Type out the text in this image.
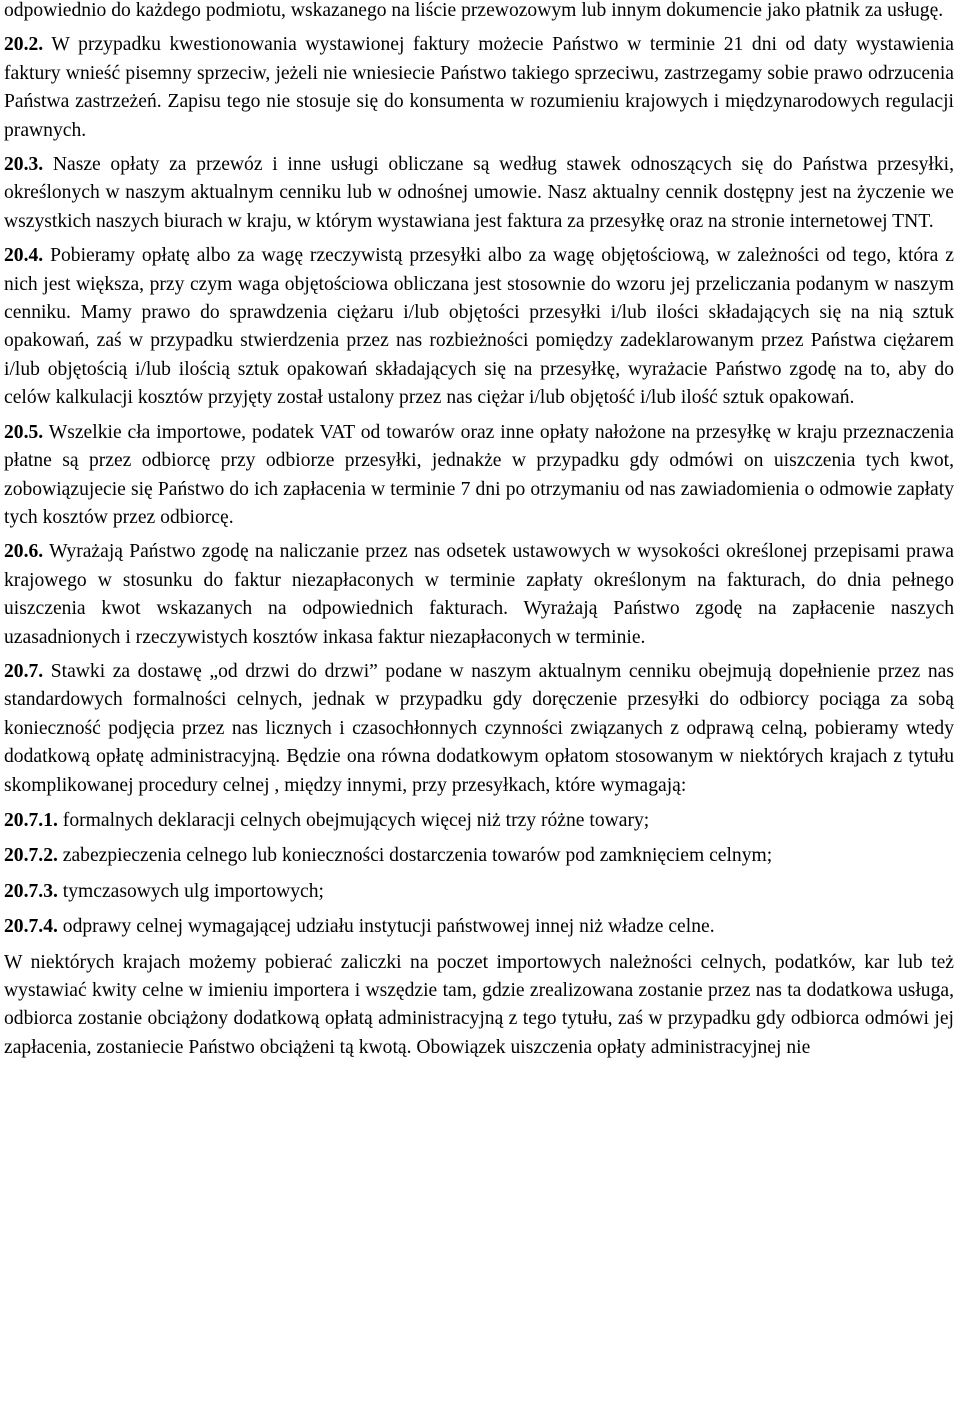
odpowiednio do każdego podmiotu, wskazanego na liście przewozowym lub innym dokumencie jako płatnik za usługę.

20.2. W przypadku kwestionowania wystawionej faktury możecie Państwo w terminie 21 dni od daty wystawienia faktury wnieść pisemny sprzeciw, jeżeli nie wniesiecie Państwo takiego sprzeciwu, zastrzegamy sobie prawo odrzucenia Państwa zastrzeżeń. Zapisu tego nie stosuje się do konsumenta w rozumieniu krajowych i międzynarodowych regulacji prawnych.

20.3. Nasze opłaty za przewóz i inne usługi obliczane są według stawek odnoszących się do Państwa przesyłki, określonych w naszym aktualnym cenniku lub w odnośnej umowie. Nasz aktualny cennik dostępny jest na życzenie we wszystkich naszych biurach w kraju, w którym wystawiana jest faktura za przesyłkę oraz na stronie internetowej TNT.

20.4. Pobieramy opłatę albo za wagę rzeczywistą przesyłki albo za wagę objętościową, w zależności od tego, która z nich jest większa, przy czym waga objętościowa obliczana jest stosownie do wzoru jej przeliczania podanym w naszym cenniku. Mamy prawo do sprawdzenia ciężaru i/lub objętości przesyłki i/lub ilości składających się na nią sztuk opakowań, zaś w przypadku stwierdzenia przez nas rozbieżności pomiędzy zadeklarowanym przez Państwa ciężarem i/lub objętością i/lub ilością sztuk opakowań składających się na przesyłkę, wyrażacie Państwo zgodę na to, aby do celów kalkulacji kosztów przyjęty został ustalony przez nas ciężar i/lub objętość i/lub ilość sztuk opakowań.

20.5. Wszelkie cła importowe, podatek VAT od towarów oraz inne opłaty nałożone na przesyłkę w kraju przeznaczenia płatne są przez odbiorcę przy odbiorze przesyłki, jednakże w przypadku gdy odmówi on uiszczenia tych kwot, zobowiązujecie się Państwo do ich zapłacenia w terminie 7 dni po otrzymaniu od nas zawiadomienia o odmowie zapłaty tych kosztów przez odbiorcę.

20.6. Wyrażają Państwo zgodę na naliczanie przez nas odsetek ustawowych w wysokości określonej przepisami prawa krajowego w stosunku do faktur niezapłaconych w terminie zapłaty określonym na fakturach, do dnia pełnego uiszczenia kwot wskazanych na odpowiednich fakturach. Wyrażają Państwo zgodę na zapłacenie naszych uzasadnionych i rzeczywistych kosztów inkasa faktur niezapłaconych w terminie.

20.7. Stawki za dostawę „od drzwi do drzwi” podane w naszym aktualnym cenniku obejmują dopełnienie przez nas standardowych formalności celnych, jednak w przypadku gdy doręczenie przesyłki do odbiorcy pociąga za sobą konieczność podjęcia przez nas licznych i czasochłonnych czynności związanych z odprawą celną, pobieramy wtedy dodatkową opłatę administracyjną. Będzie ona równa dodatkowym opłatom stosowanym w niektórych krajach z tytułu skomplikowanej procedury celnej , między innymi, przy przesyłkach, które wymagają:

20.7.1. formalnych deklaracji celnych obejmujących więcej niż trzy różne towary;

20.7.2. zabezpieczenia celnego lub konieczności dostarczenia towarów pod zamknięciem celnym;

20.7.3. tymczasowych ulg importowych;

20.7.4. odprawy celnej wymagającej udziału instytucji państwowej innej niż władze celne.

W niektórych krajach możemy pobierać zaliczki na poczet importowych należności celnych, podatków, kar lub też wystawiać kwity celne w imieniu importera i wszędzie tam, gdzie zrealizowana zostanie przez nas ta dodatkowa usługa, odbiorca zostanie obciążony dodatkową opłatą administracyjną z tego tytułu, zaś w przypadku gdy odbiorca odmówi jej zapłacenia, zostaniecie Państwo obciążeni tą kwotą. Obowiązek uiszczenia opłaty administracyjnej nie
